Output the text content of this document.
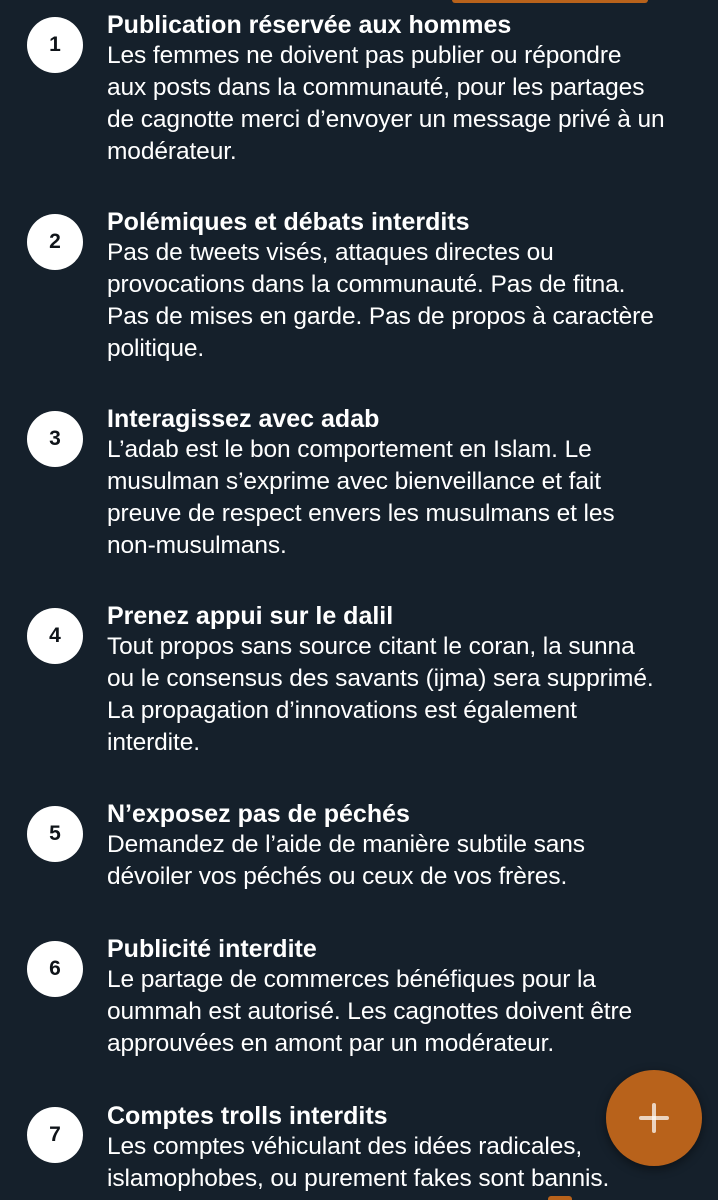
1
Publication réservée aux hommes
Les femmes ne doivent pas publier ou répondre
aux posts dans la communauté, pour les partages
de cagnotte merci d’envoyer un message privé à un
modérateur.
2
Polémiques et débats interdits
Pas de tweets visés, attaques directes ou
provocations dans la communauté. Pas de fitna.
Pas de mises en garde. Pas de propos à caractère
politique.
3
Interagissez avec adab
L’adab est le bon comportement en Islam. Le
musulman s’exprime avec bienveillance et fait
preuve de respect envers les musulmans et les
non-musulmans.
4
Prenez appui sur le dalil
Tout propos sans source citant le coran, la sunna
ou le consensus des savants (ijma) sera supprimé.
La propagation d’innovations est également
interdite.
5
N’exposez pas de péchés
Demandez de l’aide de manière subtile sans
dévoiler vos péchés ou ceux de vos frères.
6
Publicité interdite
Le partage de commerces bénéfiques pour la
oummah est autorisé. Les cagnottes doivent être
approuvées en amont par un modérateur.
7
Comptes trolls interdits
Les comptes véhiculant des idées radicales,
islamophobes, ou purement fakes sont bannis.
